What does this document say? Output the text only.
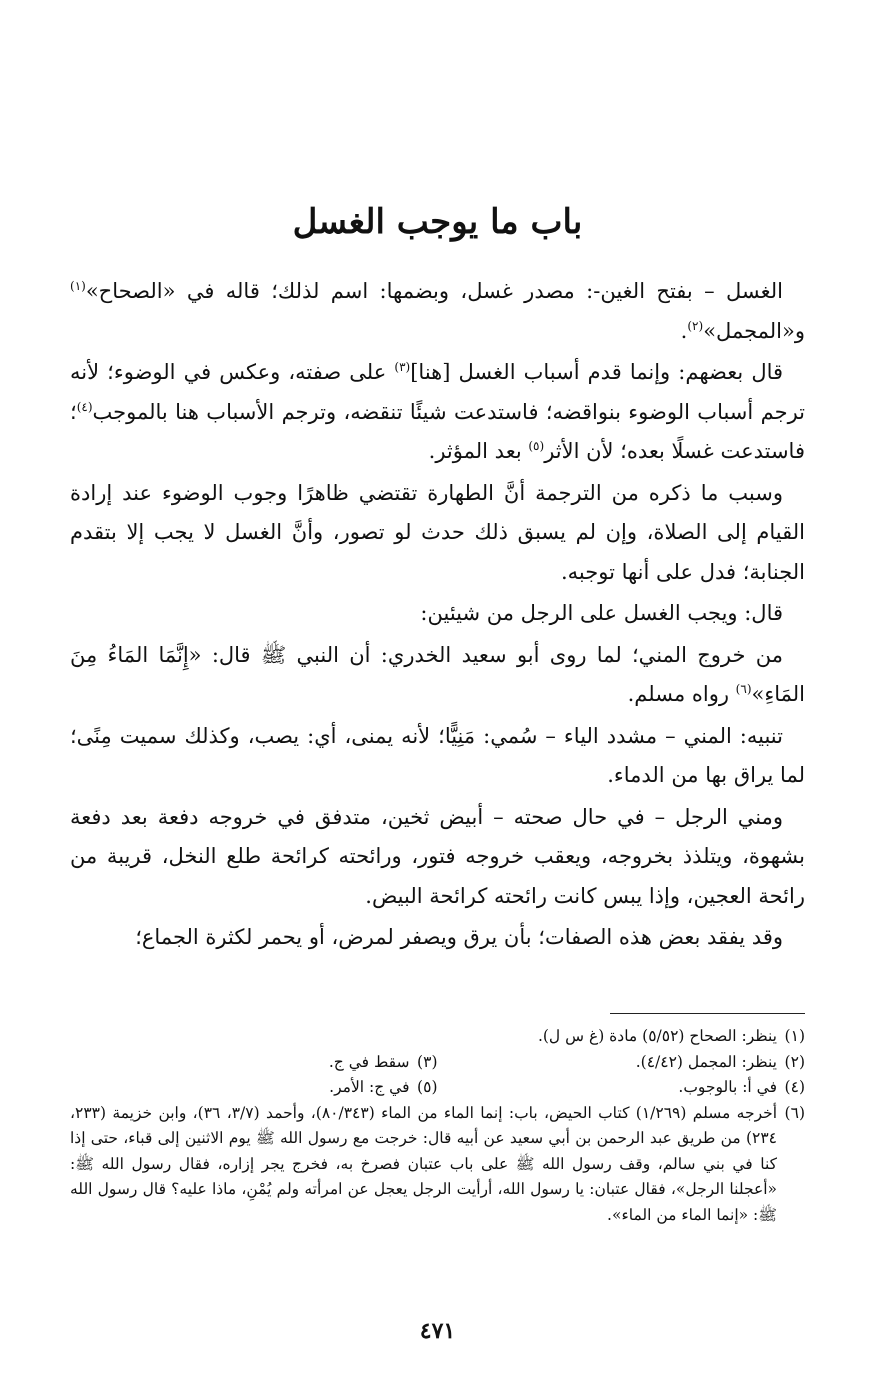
باب ما يوجب الغسل

الغسل – بفتح الغين-: مصدر غسل، وبضمها: اسم لذلك؛ قاله في «الصحاح»$^{(١)}$ و«المجمل»$^{(٢)}$.

قال بعضهم: وإنما قدم أسباب الغسل [هنا]$^{(٣)}$ على صفته، وعكس في الوضوء؛ لأنه ترجم أسباب الوضوء بنواقضه؛ فاستدعت شيئًا تنقضه، وترجم الأسباب هنا بالموجب$^{(٤)}$؛ فاستدعت غسلًا بعده؛ لأن الأثر$^{(٥)}$ بعد المؤثر.

وسبب ما ذكره من الترجمة أنَّ الطهارة تقتضي ظاهرًا وجوب الوضوء عند إرادة القيام إلى الصلاة، وإن لم يسبق ذلك حدث لو تصور، وأنَّ الغسل لا يجب إلا بتقدم الجنابة؛ فدل على أنها توجبه.

قال: ويجب الغسل على الرجل من شيئين:

من خروج المني؛ لما روى أبو سعيد الخدري: أن النبي ﷺ قال: «إِنَّمَا المَاءُ مِنَ المَاءِ»$^{(٦)}$ رواه مسلم.

تنبيه: المني – مشدد الياء – سُمي: مَنِيًّا؛ لأنه يمنى، أي: يصب، وكذلك سميت مِنًى؛ لما يراق بها من الدماء.

ومني الرجل – في حال صحته – أبيض ثخين، متدفق في خروجه دفعة بعد دفعة بشهوة، ويتلذذ بخروجه، ويعقب خروجه فتور، ورائحته كرائحة طلع النخل، قريبة من رائحة العجين، وإذا يبس كانت رائحته كرائحة البيض.

وقد يفقد بعض هذه الصفات؛ بأن يرق ويصفر لمرض، أو يحمر لكثرة الجماع؛

(١)
ينظر: الصحاح (٥/٥٢) مادة (غ س ل).
(٢)
ينظر: المجمل (٤/٤٢).
(٣)
سقط في ج.
(٤)
في أ: بالوجوب.
(٥)
في ج: الأمر.
(٦)
أخرجه مسلم (١/٢٦٩) كتاب الحيض، باب: إنما الماء من الماء (٨٠/٣٤٣)، وأحمد (٣/٧، ٣٦)، وابن خزيمة (٢٣٣، ٢٣٤) من طريق عبد الرحمن بن أبي سعيد عن أبيه قال: خرجت مع رسول الله ﷺ يوم الاثنين إلى قباء، حتى إذا كنا في بني سالم، وقف رسول الله ﷺ على باب عتبان فصرخ به، فخرج يجر إزاره، فقال رسول الله ﷺ: «أعجلنا الرجل»، فقال عتبان: يا رسول الله، أرأيت الرجل يعجل عن امرأته ولم يُمْنِ، ماذا عليه؟ قال رسول الله ﷺ: «إنما الماء من الماء».
٤٧١
